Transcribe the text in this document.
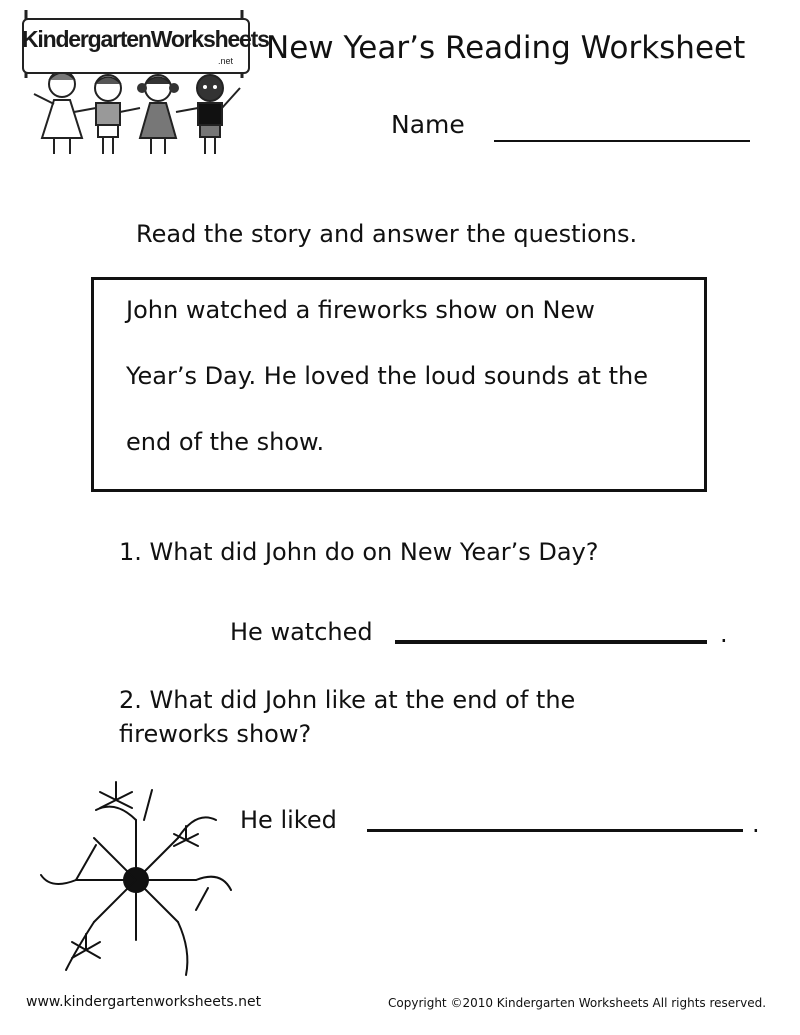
KindergartenWorksheets
.net New Year’s Reading Worksheet
Name
Read the story and answer the questions.
John watched a fireworks show on New
Year’s Day. He loved the loud sounds at the
end of the show.
1. What did John do on New Year’s Day?
He watched	.
2. What did John like at the end of the fireworks show?
He liked	.
www.kindergartenworksheets.net	Copyright ©2010 Kindergarten Worksheets All rights reserved.
